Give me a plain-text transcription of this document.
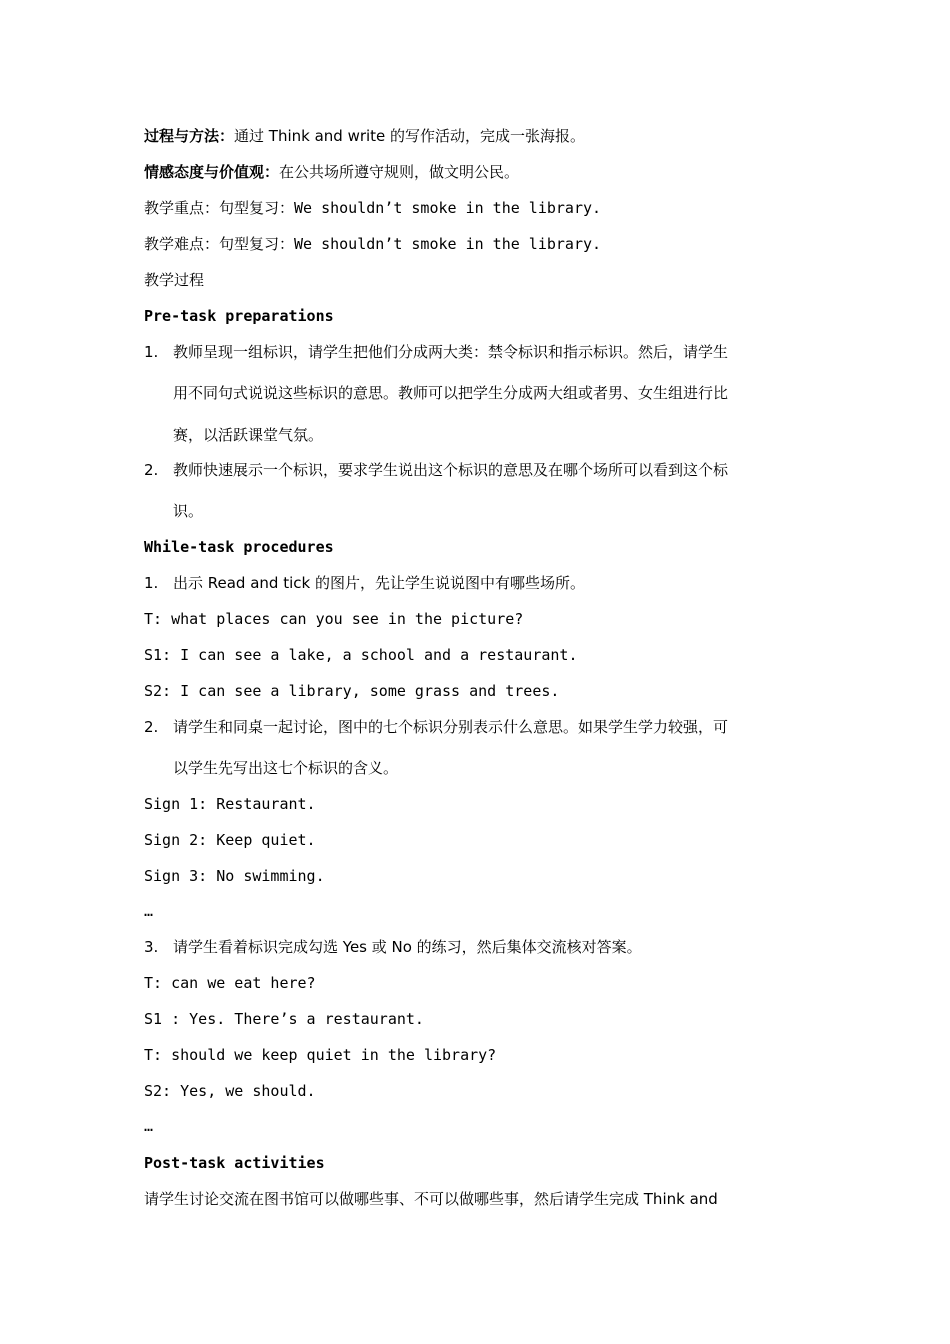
过程与方法：通过 Think and write 的写作活动，完成一张海报。
情感态度与价值观：在公共场所遵守规则，做文明公民。
教学重点：句型复习：We shouldn’t smoke in the library.
教学难点：句型复习：We shouldn’t smoke in the library.
教学过程
Pre-task preparations
1. 教师呈现一组标识，请学生把他们分成两大类：禁令标识和指示标识。然后，请学生
用不同句式说说这些标识的意思。教师可以把学生分成两大组或者男、女生组进行比
赛，以活跃课堂气氛。
2. 教师快速展示一个标识，要求学生说出这个标识的意思及在哪个场所可以看到这个标
识。
While-task procedures
1. 出示 Read and tick 的图片，先让学生说说图中有哪些场所。
T: what places can you see in the picture?
S1: I can see a lake, a school and a restaurant.
S2: I can see a library, some grass and trees.
2. 请学生和同桌一起讨论，图中的七个标识分别表示什么意思。如果学生学力较强，可
以学生先写出这七个标识的含义。
Sign 1: Restaurant.
Sign 2: Keep quiet.
Sign 3: No swimming.
…
3. 请学生看着标识完成勾选 Yes 或 No 的练习，然后集体交流核对答案。
T: can we eat here?
S1 : Yes. There’s a restaurant.
T: should we keep quiet in the library?
S2: Yes, we should.
…
Post-task activities
请学生讨论交流在图书馆可以做哪些事、不可以做哪些事，然后请学生完成 Think and
